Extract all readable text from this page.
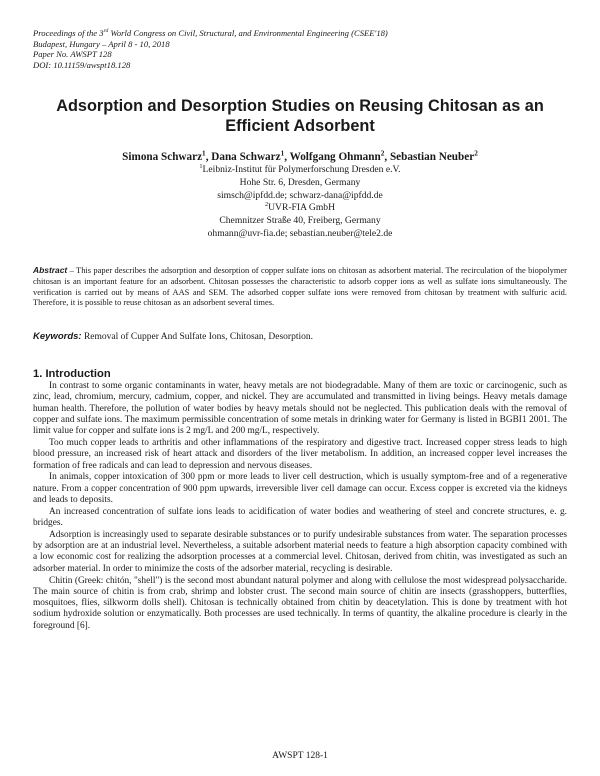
Proceedings of the 3rd World Congress on Civil, Structural, and Environmental Engineering (CSEE'18)
Budapest, Hungary – April 8 - 10, 2018
Paper No. AWSPT 128
DOI: 10.11159/awspt18.128
Adsorption and Desorption Studies on Reusing Chitosan as an Efficient Adsorbent
Simona Schwarz$^1$, Dana Schwarz$^1$, Wolfgang Ohmann$^2$, Sebastian Neuber$^2$
$^1$Leibniz-Institut für Polymerforschung Dresden e.V.
Hohe Str. 6, Dresden, Germany
simsch@ipfdd.de; schwarz-dana@ipfdd.de
$^2$UVR-FIA GmbH
Chemnitzer Straße 40, Freiberg, Germany
ohmann@uvr-fia.de; sebastian.neuber@tele2.de
Abstract – This paper describes the adsorption and desorption of copper sulfate ions on chitosan as adsorbent material. The recirculation of the biopolymer chitosan is an important feature for an adsorbent. Chitosan possesses the characteristic to adsorb copper ions as well as sulfate ions simultaneously. The verification is carried out by means of AAS and SEM. The adsorbed copper sulfate ions were removed from chitosan by treatment with sulfuric acid. Therefore, it is possible to reuse chitosan as an adsorbent several times.
Keywords: Removal of Cupper And Sulfate Ions, Chitosan, Desorption.
1. Introduction

In contrast to some organic contaminants in water, heavy metals are not biodegradable. Many of them are toxic or carcinogenic, such as zinc, lead, chromium, mercury, cadmium, copper, and nickel. They are accumulated and transmitted in living beings. Heavy metals damage human health. Therefore, the pollution of water bodies by heavy metals should not be neglected. This publication deals with the removal of copper and sulfate ions. The maximum permissible concentration of some metals in drinking water for Germany is listed in BGBI1 2001. The limit value for copper and sulfate ions is 2 mg/L and 200 mg/L, respectively.

Too much copper leads to arthritis and other inflammations of the respiratory and digestive tract. Increased copper stress leads to high blood pressure, an increased risk of heart attack and disorders of the liver metabolism. In addition, an increased copper level increases the formation of free radicals and can lead to depression and nervous diseases.

In animals, copper intoxication of 300 ppm or more leads to liver cell destruction, which is usually symptom-free and of a regenerative nature. From a copper concentration of 900 ppm upwards, irreversible liver cell damage can occur. Excess copper is excreted via the kidneys and leads to deposits.

An increased concentration of sulfate ions leads to acidification of water bodies and weathering of steel and concrete structures, e. g. bridges.

Adsorption is increasingly used to separate desirable substances or to purify undesirable substances from water. The separation processes by adsorption are at an industrial level. Nevertheless, a suitable adsorbent material needs to feature a high absorption capacity combined with a low economic cost for realizing the adsorption processes at a commercial level. Chitosan, derived from chitin, was investigated as such an adsorber material. In order to minimize the costs of the adsorber material, recycling is desirable.

Chitin (Greek: chitón, "shell") is the second most abundant natural polymer and along with cellulose the most widespread polysaccharide. The main source of chitin is from crab, shrimp and lobster crust. The second main source of chitin are insects (grasshoppers, butterflies, mosquitoes, flies, silkworm dolls shell). Chitosan is technically obtained from chitin by deacetylation. This is done by treatment with hot sodium hydroxide solution or enzymatically. Both processes are used technically. In terms of quantity, the alkaline procedure is clearly in the foreground [6].

AWSPT 128-1
